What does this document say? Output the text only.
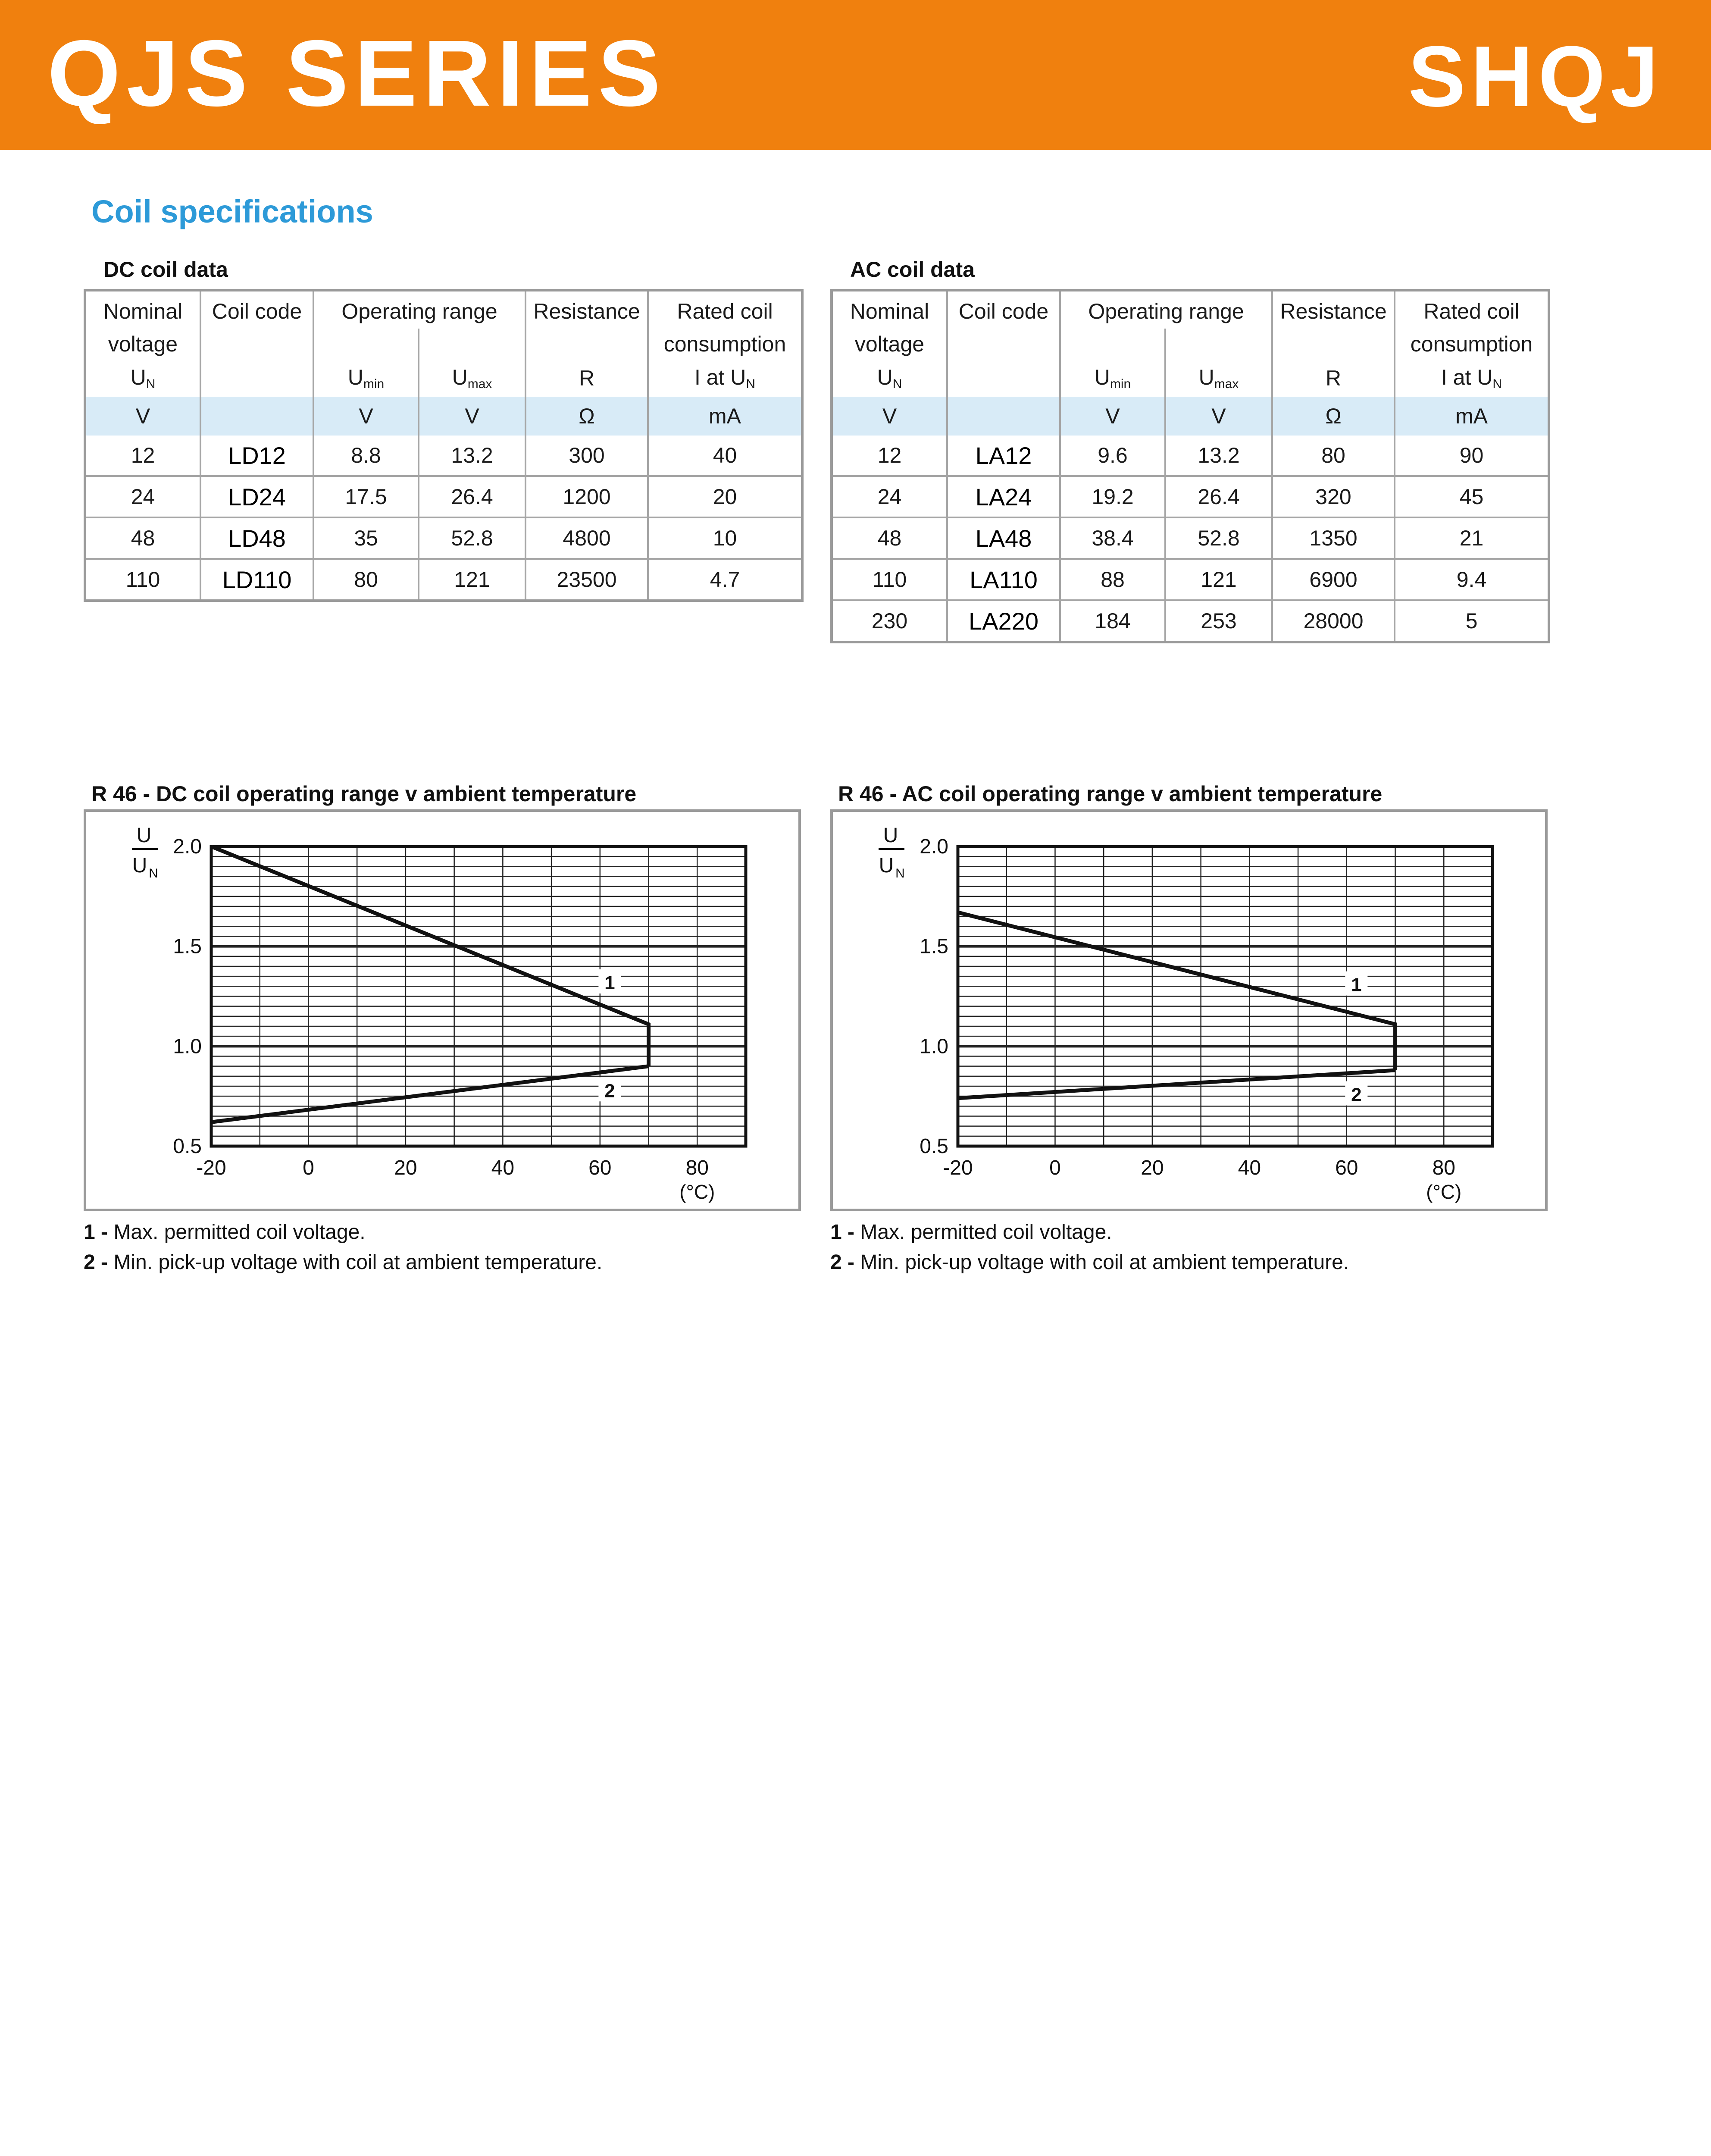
QJS SERIES	SHQJ
Coil specifications
DC coil data
Nominal	Coil code	Operating range		Resistance	Rated coil
voltage					consumption
$U_N$		$U_{min}$	$U_{max}$	R	I at $U_N$
V		V	V	Ω	mA
12	LD12	8.8	13.2	300	40
24	LD24	17.5	26.4	1200	20
48	LD48	35	52.8	4800	10
110	LD110	80	121	23500	4.7
AC coil data
Nominal	Coil code	Operating range		Resistance	Rated coil
voltage					consumption
$U_N$		$U_{min}$	$U_{max}$	R	I at $U_N$
V		V	V	Ω	mA
12	LA12	9.6	13.2	80	90
24	LA24	19.2	26.4	320	45
48	LA48	38.4	52.8	1350	21
110	LA110	88	121	6900	9.4
230	LA220	184	253	28000	5
R 46 - DC coil operating range v ambient temperature
1
2
0.5
1.0
1.5
2.0
-20	0	20	40	60	80
(°C)
U
U N
R 46 - AC coil operating range v ambient temperature
1
2
0.5
1.0
1.5
2.0
-20	0	20	40	60	80
(°C)
U
U N
1 - Max. permitted coil voltage.
2 - Min. pick-up voltage with coil at ambient temperature.
1 - Max. permitted coil voltage.
2 - Min. pick-up voltage with coil at ambient temperature.
